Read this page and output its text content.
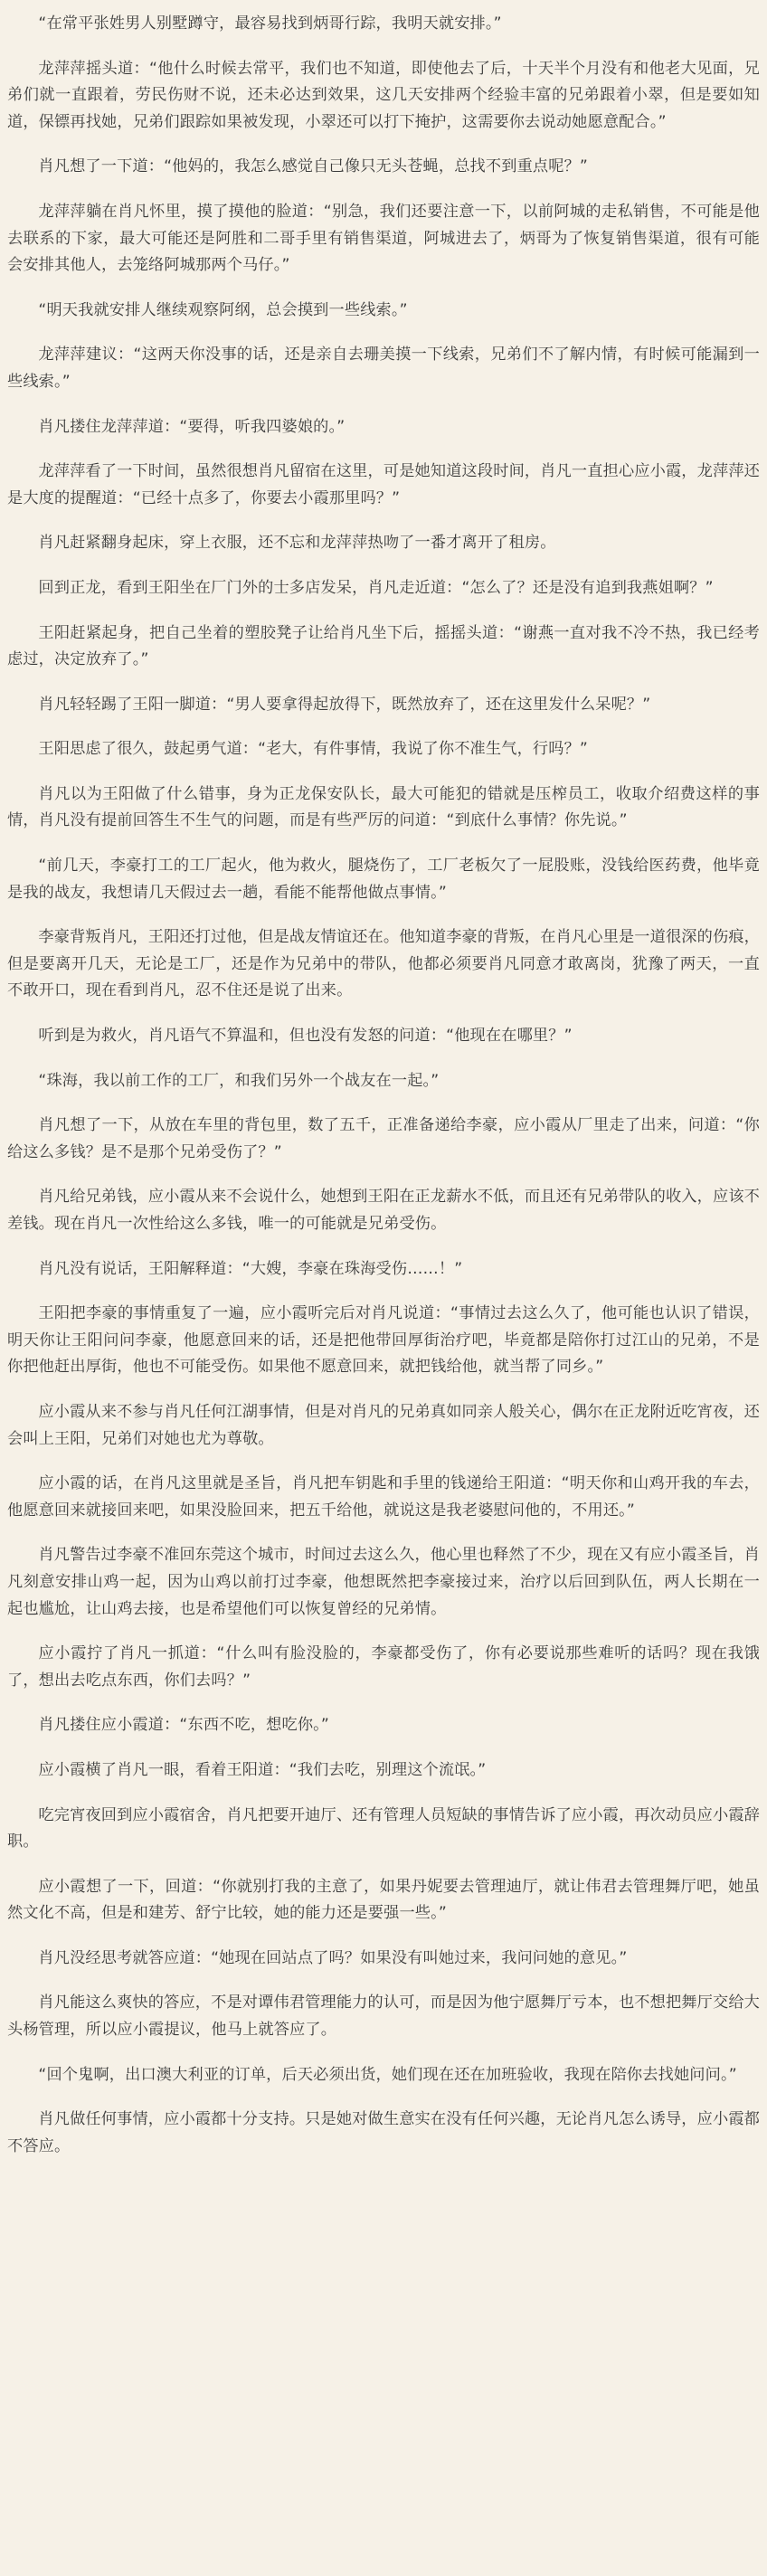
“在常平张姓男人别墅蹲守，最容易找到炳哥行踪，我明天就安排。”

龙萍萍摇头道：“他什么时候去常平，我们也不知道，即使他去了后，十天半个月没有和他老大见面，兄弟们就一直跟着，劳民伤财不说，还未必达到效果，这几天安排两个经验丰富的兄弟跟着小翠，但是要如知道，保镖再找她，兄弟们跟踪如果被发现，小翠还可以打下掩护，这需要你去说动她愿意配合。”

肖凡想了一下道：“他妈的，我怎么感觉自己像只无头苍蝇，总找不到重点呢？”

龙萍萍躺在肖凡怀里，摸了摸他的脸道：“别急，我们还要注意一下，以前阿城的走私销售，不可能是他去联系的下家，最大可能还是阿胜和二哥手里有销售渠道，阿城进去了，炳哥为了恢复销售渠道，很有可能会安排其他人，去笼络阿城那两个马仔。”

“明天我就安排人继续观察阿纲，总会摸到一些线索。”

龙萍萍建议：“这两天你没事的话，还是亲自去珊美摸一下线索，兄弟们不了解内情，有时候可能漏到一些线索。”

肖凡搂住龙萍萍道：“要得，听我四婆娘的。”

龙萍萍看了一下时间，虽然很想肖凡留宿在这里，可是她知道这段时间，肖凡一直担心应小霞，龙萍萍还是大度的提醒道：“已经十点多了，你要去小霞那里吗？”

肖凡赶紧翻身起床，穿上衣服，还不忘和龙萍萍热吻了一番才离开了租房。

回到正龙，看到王阳坐在厂门外的士多店发呆，肖凡走近道：“怎么了？还是没有追到我燕姐啊？”

王阳赶紧起身，把自己坐着的塑胶凳子让给肖凡坐下后，摇摇头道：“谢燕一直对我不冷不热，我已经考虑过，决定放弃了。”

肖凡轻轻踢了王阳一脚道：“男人要拿得起放得下，既然放弃了，还在这里发什么呆呢？”

王阳思虑了很久，鼓起勇气道：“老大，有件事情，我说了你不准生气，行吗？”

肖凡以为王阳做了什么错事，身为正龙保安队长，最大可能犯的错就是压榨员工，收取介绍费这样的事情，肖凡没有提前回答生不生气的问题，而是有些严厉的问道：“到底什么事情？你先说。”

“前几天，李豪打工的工厂起火，他为救火，腿烧伤了，工厂老板欠了一屁股账，没钱给医药费，他毕竟是我的战友，我想请几天假过去一趟，看能不能帮他做点事情。”

李豪背叛肖凡，王阳还打过他，但是战友情谊还在。他知道李豪的背叛，在肖凡心里是一道很深的伤痕，但是要离开几天，无论是工厂，还是作为兄弟中的带队，他都必须要肖凡同意才敢离岗，犹豫了两天，一直不敢开口，现在看到肖凡，忍不住还是说了出来。

听到是为救火，肖凡语气不算温和，但也没有发怒的问道：“他现在在哪里？”

“珠海，我以前工作的工厂，和我们另外一个战友在一起。”

肖凡想了一下，从放在车里的背包里，数了五千，正准备递给李豪，应小霞从厂里走了出来，问道：“你给这么多钱？是不是那个兄弟受伤了？”

肖凡给兄弟钱，应小霞从来不会说什么，她想到王阳在正龙薪水不低，而且还有兄弟带队的收入，应该不差钱。现在肖凡一次性给这么多钱，唯一的可能就是兄弟受伤。

肖凡没有说话，王阳解释道：“大嫂，李豪在珠海受伤……！”

王阳把李豪的事情重复了一遍，应小霞听完后对肖凡说道：“事情过去这么久了，他可能也认识了错误，明天你让王阳问问李豪，他愿意回来的话，还是把他带回厚街治疗吧，毕竟都是陪你打过江山的兄弟，不是你把他赶出厚街，他也不可能受伤。如果他不愿意回来，就把钱给他，就当帮了同乡。”

应小霞从来不参与肖凡任何江湖事情，但是对肖凡的兄弟真如同亲人般关心，偶尔在正龙附近吃宵夜，还会叫上王阳，兄弟们对她也尤为尊敬。

应小霞的话，在肖凡这里就是圣旨，肖凡把车钥匙和手里的钱递给王阳道：“明天你和山鸡开我的车去，他愿意回来就接回来吧，如果没脸回来，把五千给他，就说这是我老婆慰问他的，不用还。”

肖凡警告过李豪不准回东莞这个城市，时间过去这么久，他心里也释然了不少，现在又有应小霞圣旨，肖凡刻意安排山鸡一起，因为山鸡以前打过李豪，他想既然把李豪接过来，治疗以后回到队伍，两人长期在一起也尴尬，让山鸡去接，也是希望他们可以恢复曾经的兄弟情。

应小霞拧了肖凡一抓道：“什么叫有脸没脸的，李豪都受伤了，你有必要说那些难听的话吗？现在我饿了，想出去吃点东西，你们去吗？”

肖凡搂住应小霞道：“东西不吃，想吃你。”

应小霞横了肖凡一眼，看着王阳道：“我们去吃，别理这个流氓。”

吃完宵夜回到应小霞宿舍，肖凡把要开迪厅、还有管理人员短缺的事情告诉了应小霞，再次动员应小霞辞职。

应小霞想了一下，回道：“你就别打我的主意了，如果丹妮要去管理迪厅，就让伟君去管理舞厅吧，她虽然文化不高，但是和建芳、舒宁比较，她的能力还是要强一些。”

肖凡没经思考就答应道：“她现在回站点了吗？如果没有叫她过来，我问问她的意见。”

肖凡能这么爽快的答应，不是对谭伟君管理能力的认可，而是因为他宁愿舞厅亏本，也不想把舞厅交给大头杨管理，所以应小霞提议，他马上就答应了。

“回个鬼啊，出口澳大利亚的订单，后天必须出货，她们现在还在加班验收，我现在陪你去找她问问。”

肖凡做任何事情，应小霞都十分支持。只是她对做生意实在没有任何兴趣，无论肖凡怎么诱导，应小霞都不答应。
